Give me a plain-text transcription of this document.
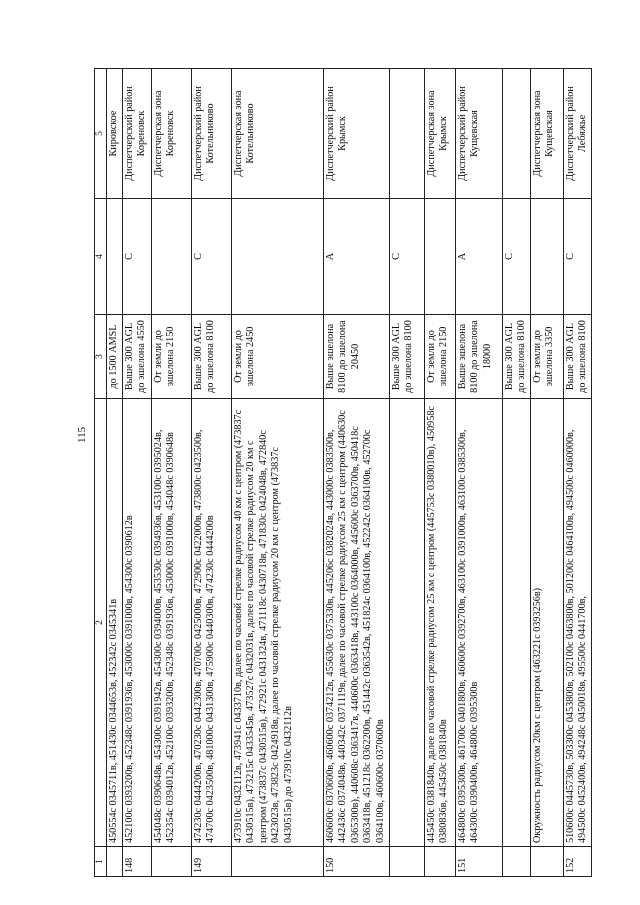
115
1	2	3	4	5
	450554с 0345711в, 451430с 0344653в, 452342с 0345341в	до 1500 AMSL		Кировское
148	452100с 0393200в, 452348с 0391936в, 453000с 0391000в, 454300с 0390612в	Выше 300 AGL до эшелона 4550	С	Диспетчерский район Кореновск
	454048с 0390648в, 454300с 0391942в, 454300с 0394000в, 453530с 0394936в, 453100с 0395024в, 452354с 0394012в, 452100с 0393200в, 452348с 0391936в, 453000с 0391000в, 454048с 0390648в	От земли до эшелона 2150		Диспетчерская зона Кореновск
149	474230с 0444200в, 470230с 0442300в, 470700с 0425000в, 472900с 0422000в, 473800с 0423500в, 474700с 0423500в, 481000с 0431300в, 475900с 0440300в, 474230с 0444200в	Выше 300 AGL до эшелона 8100	С	Диспетчерский район Котельниково
	473910с 0432112в, 473941с 0433710в, далее по часовой стрелке радиусом 40 км с центром (473837с 0430515в), 473215с 0433545в, 473527с 0432031в, далее по часовой стрелке радиусом 20 км с центром (473837с 0430515в), 472921с 0431324в, 471118с 0430718в, 471830с 0424048в, 472840с 0423023в, 473823с 0424918в, далее по часовой стрелке радиусом 20 км с центром (473837с 0430515в) до 473910с 0432112в	От земли до эшелона 2450		Диспетчерская зона Котельниково
150	460600с 0370600в, 460600с 0374212в, 455630с 0375330в, 445206с 0382024в, 443000с 0383500в, 442436с 0374048в, 440342с 0371119в, далее по часовой стрелке радиусом 25 км с центром (440630с 0365300в), 440608с 0363417в, 440600с 0363418в, 443100с 0364000в, 445600с 0363700в, 450418с 0363418в, 451218с 0362200в, 451442с 0363542в, 451824с 0364100в, 452242с 0364100в, 452700с 0364100в, 460600с 0370600в	Выше эшелона 8100 до эшелона 20450	А	Диспетчерский район Крымск
		Выше 300 AGL до эшелона 8100	С	
	445450с 0381840в, далее по часовой стрелке радиусом 25 км с центром (445753с 0380010в), 450958с 0380836в, 445450с 0381840в	От земли до эшелона 2150		Диспетчерская зона Крымск
151	464800с 0395300в, 461700с 0401800в, 460600с 0392700в, 463100с 0391000в, 463100с 0385300в, 464300с 0390400в, 464800с 0395300в	Выше эшелона 8100 до эшелона 18000	А	Диспетчерский район Кущевская
		Выше 300 AGL до эшелона 8100	С	
	Окружность радиусом 20км с центром (463221с 0393256в)	От земли до эшелона 3350		Диспетчерская зона Кущевская
152	510600с 0445730в, 503300с 0453800в, 502100с 0463800в, 501200с 0464100в, 494500с 0460000в, 494500с 0452400в, 494248с 0450018в, 495500с 0441700в,	Выше 300 AGL до эшелона 8100	С	Диспетчерский район Лебяжье
